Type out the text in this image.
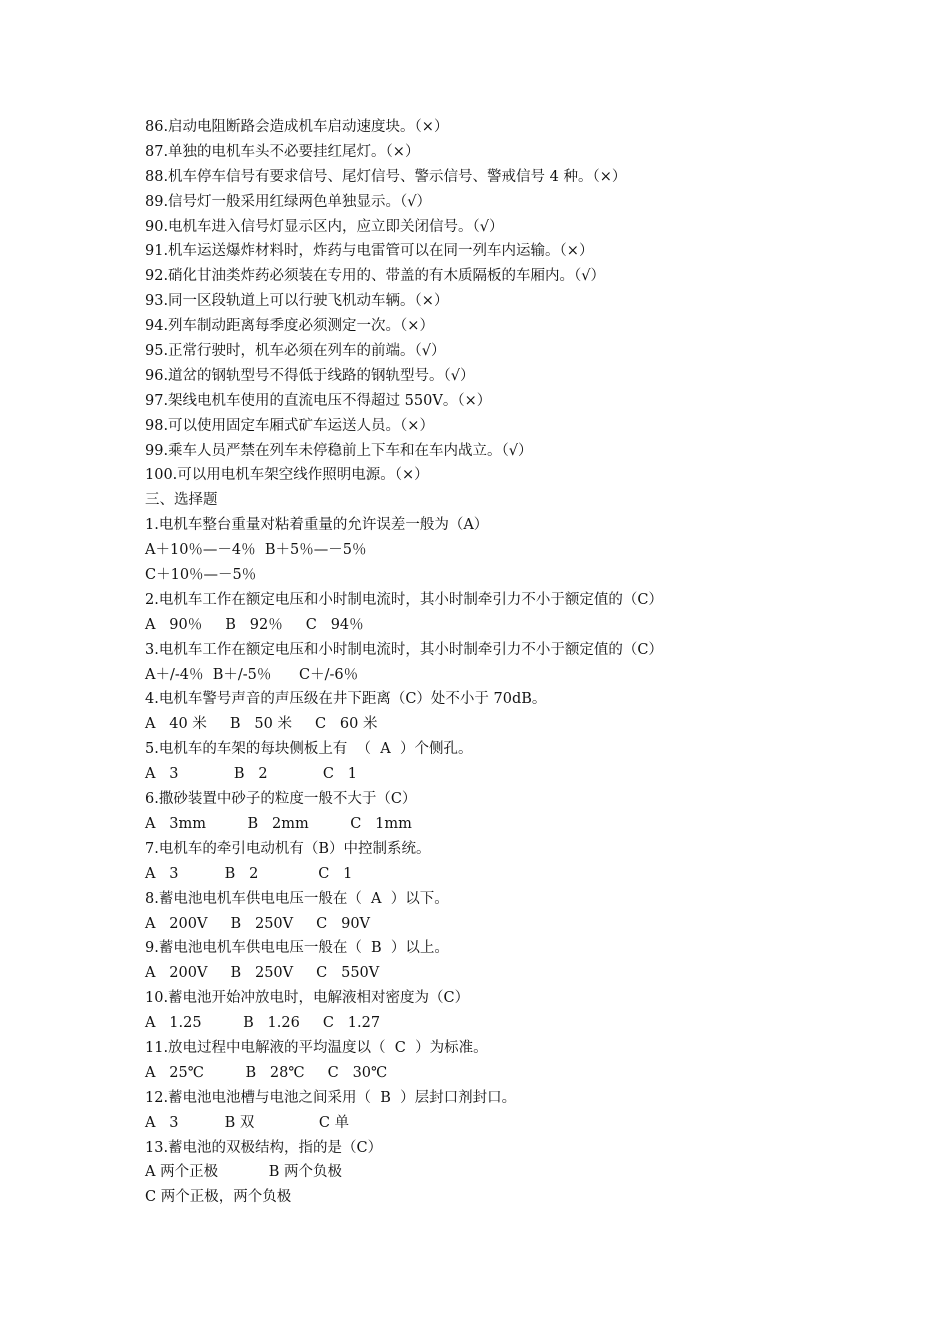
86.启动电阻断路会造成机车启动速度块。（×）
87.单独的电机车头不必要挂红尾灯。（×）
88.机车停车信号有要求信号、尾灯信号、警示信号、警戒信号 4 种。（×）
89.信号灯一般采用红绿两色单独显示。（√）
90.电机车进入信号灯显示区内，应立即关闭信号。（√）
91.机车运送爆炸材料时，炸药与电雷管可以在同一列车内运输。（×）
92.硝化甘油类炸药必须装在专用的、带盖的有木质隔板的车厢内。（√）
93.同一区段轨道上可以行驶飞机动车辆。（×）
94.列车制动距离每季度必须测定一次。（×）
95.正常行驶时，机车必须在列车的前端。（√）
96.道岔的钢轨型号不得低于线路的钢轨型号。（√）
97.架线电机车使用的直流电压不得超过 550V。（×）
98.可以使用固定车厢式矿车运送人员。（×）
99.乘车人员严禁在列车未停稳前上下车和在车内战立。（√）
100.可以用电机车架空线作照明电源。（×）
三、选择题
1.电机车整台重量对粘着重量的允许误差一般为（A）
A＋10％—－4％  B＋5％—－5％
C＋10％—－5％
2.电机车工作在额定电压和小时制电流时，其小时制牵引力不小于额定值的（C）
A   90％     B   92％     C   94％
3.电机车工作在额定电压和小时制电流时，其小时制牵引力不小于额定值的（C）
A＋/-4％  B＋/-5％      C＋/-6％
4.电机车警号声音的声压级在井下距离（C）处不小于 70dB。
A   40 米     B   50 米     C   60 米
5.电机车的车架的每块侧板上有  （  A  ）个侧孔。
A   3            B   2            C   1
6.撒砂装置中砂子的粒度一般不大于（C）
A   3mm         B   2mm         C   1mm
7.电机车的牵引电动机有（B）中控制系统。
A   3          B   2             C   1
8.蓄电池电机车供电电压一般在（  A  ）以下。
A   200V     B   250V     C   90V
9.蓄电池电机车供电电压一般在（  B  ）以上。
A   200V     B   250V     C   550V
10.蓄电池开始冲放电时，电解液相对密度为（C）
A   1.25         B   1.26     C   1.27
11.放电过程中电解液的平均温度以（  C  ）为标准。
A   25℃         B   28℃     C   30℃
12.蓄电池电池槽与电池之间采用（  B  ）层封口剂封口。
A   3          B 双              C 单
13.蓄电池的双极结构，指的是（C）
A 两个正极           B 两个负极
C 两个正极，两个负极
